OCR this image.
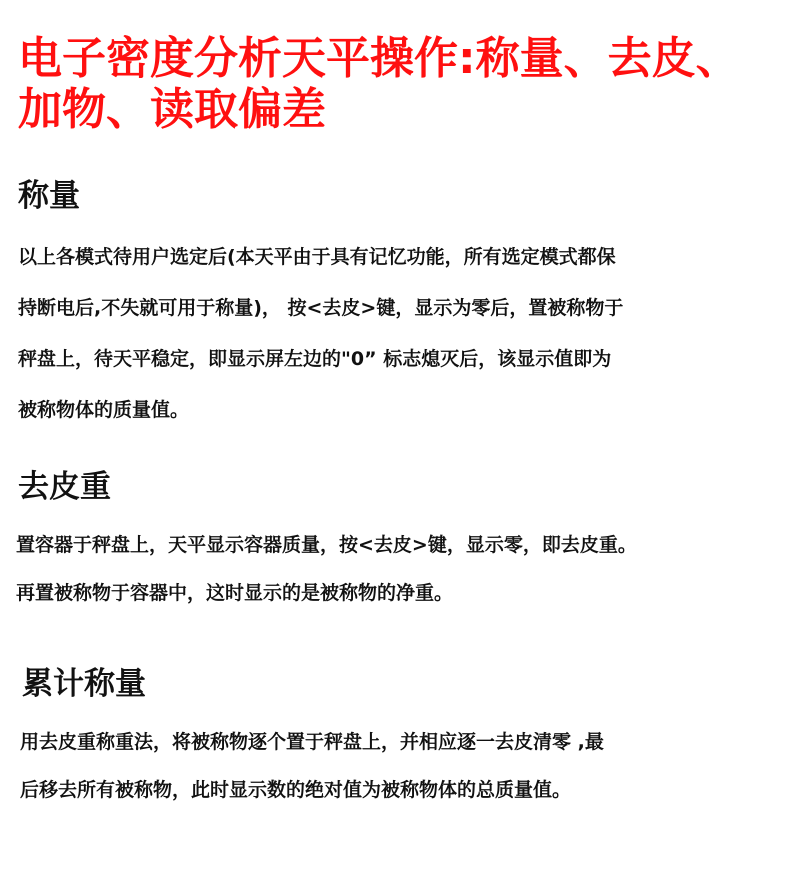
电子密度分析天平操作:称量、去皮、
加物、读取偏差
称量
以上各模式待用户选定后(本天平由于具有记忆功能，所有选定模式都保
持断电后,不失就可用于称量)， 按<去皮>键，显示为零后，置被称物于
秤盘上，待天平稳定，即显示屏左边的"0” 标志熄灭后，该显示值即为
被称物体的质量值。
去皮重
置容器于秤盘上，天平显示容器质量，按<去皮>键，显示零，即去皮重。
再置被称物于容器中，这时显示的是被称物的净重。
累计称量
用去皮重称重法，将被称物逐个置于秤盘上，并相应逐一去皮清零 ,最
后移去所有被称物，此时显示数的绝对值为被称物体的总质量值。
